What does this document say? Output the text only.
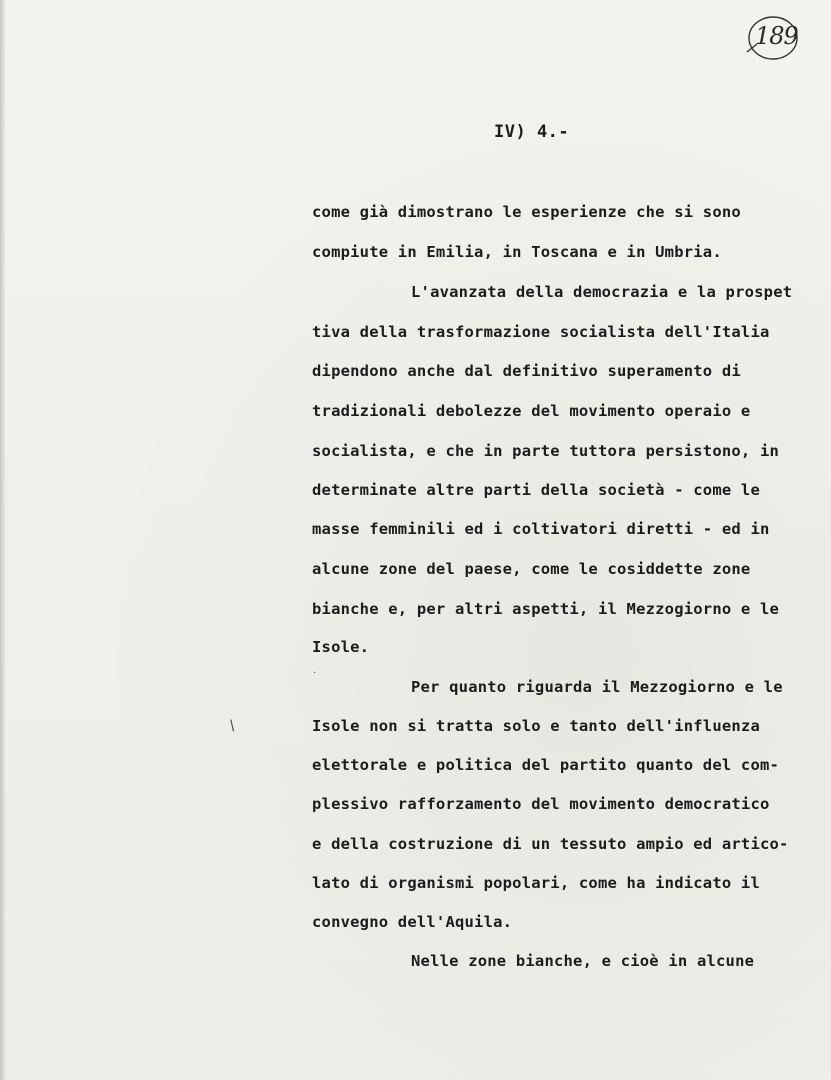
189
IV) 4.-
come già dimostrano le esperienze che si sono
compiute in Emilia, in Toscana e in Umbria.
L'avanzata della democrazia e la prospet
tiva della trasformazione socialista dell'Italia
dipendono anche dal definitivo superamento di
tradizionali debolezze del movimento operaio e
socialista, e che in parte tuttora persistono, in
determinate altre parti della società - come le
masse femminili ed i coltivatori diretti - ed in
alcune zone del paese, come le cosiddette zone
bianche e, per altri aspetti, il Mezzogiorno e le
Isole.
Per quanto riguarda il Mezzogiorno e le
Isole non si tratta solo e tanto dell'influenza
elettorale e politica del partito quanto del com-
plessivo rafforzamento del movimento democratico
e della costruzione di un tessuto ampio ed artico-
lato di organismi popolari, come ha indicato il
convegno dell'Aquila.
Nelle zone bianche, e cioè in alcune
/
·
